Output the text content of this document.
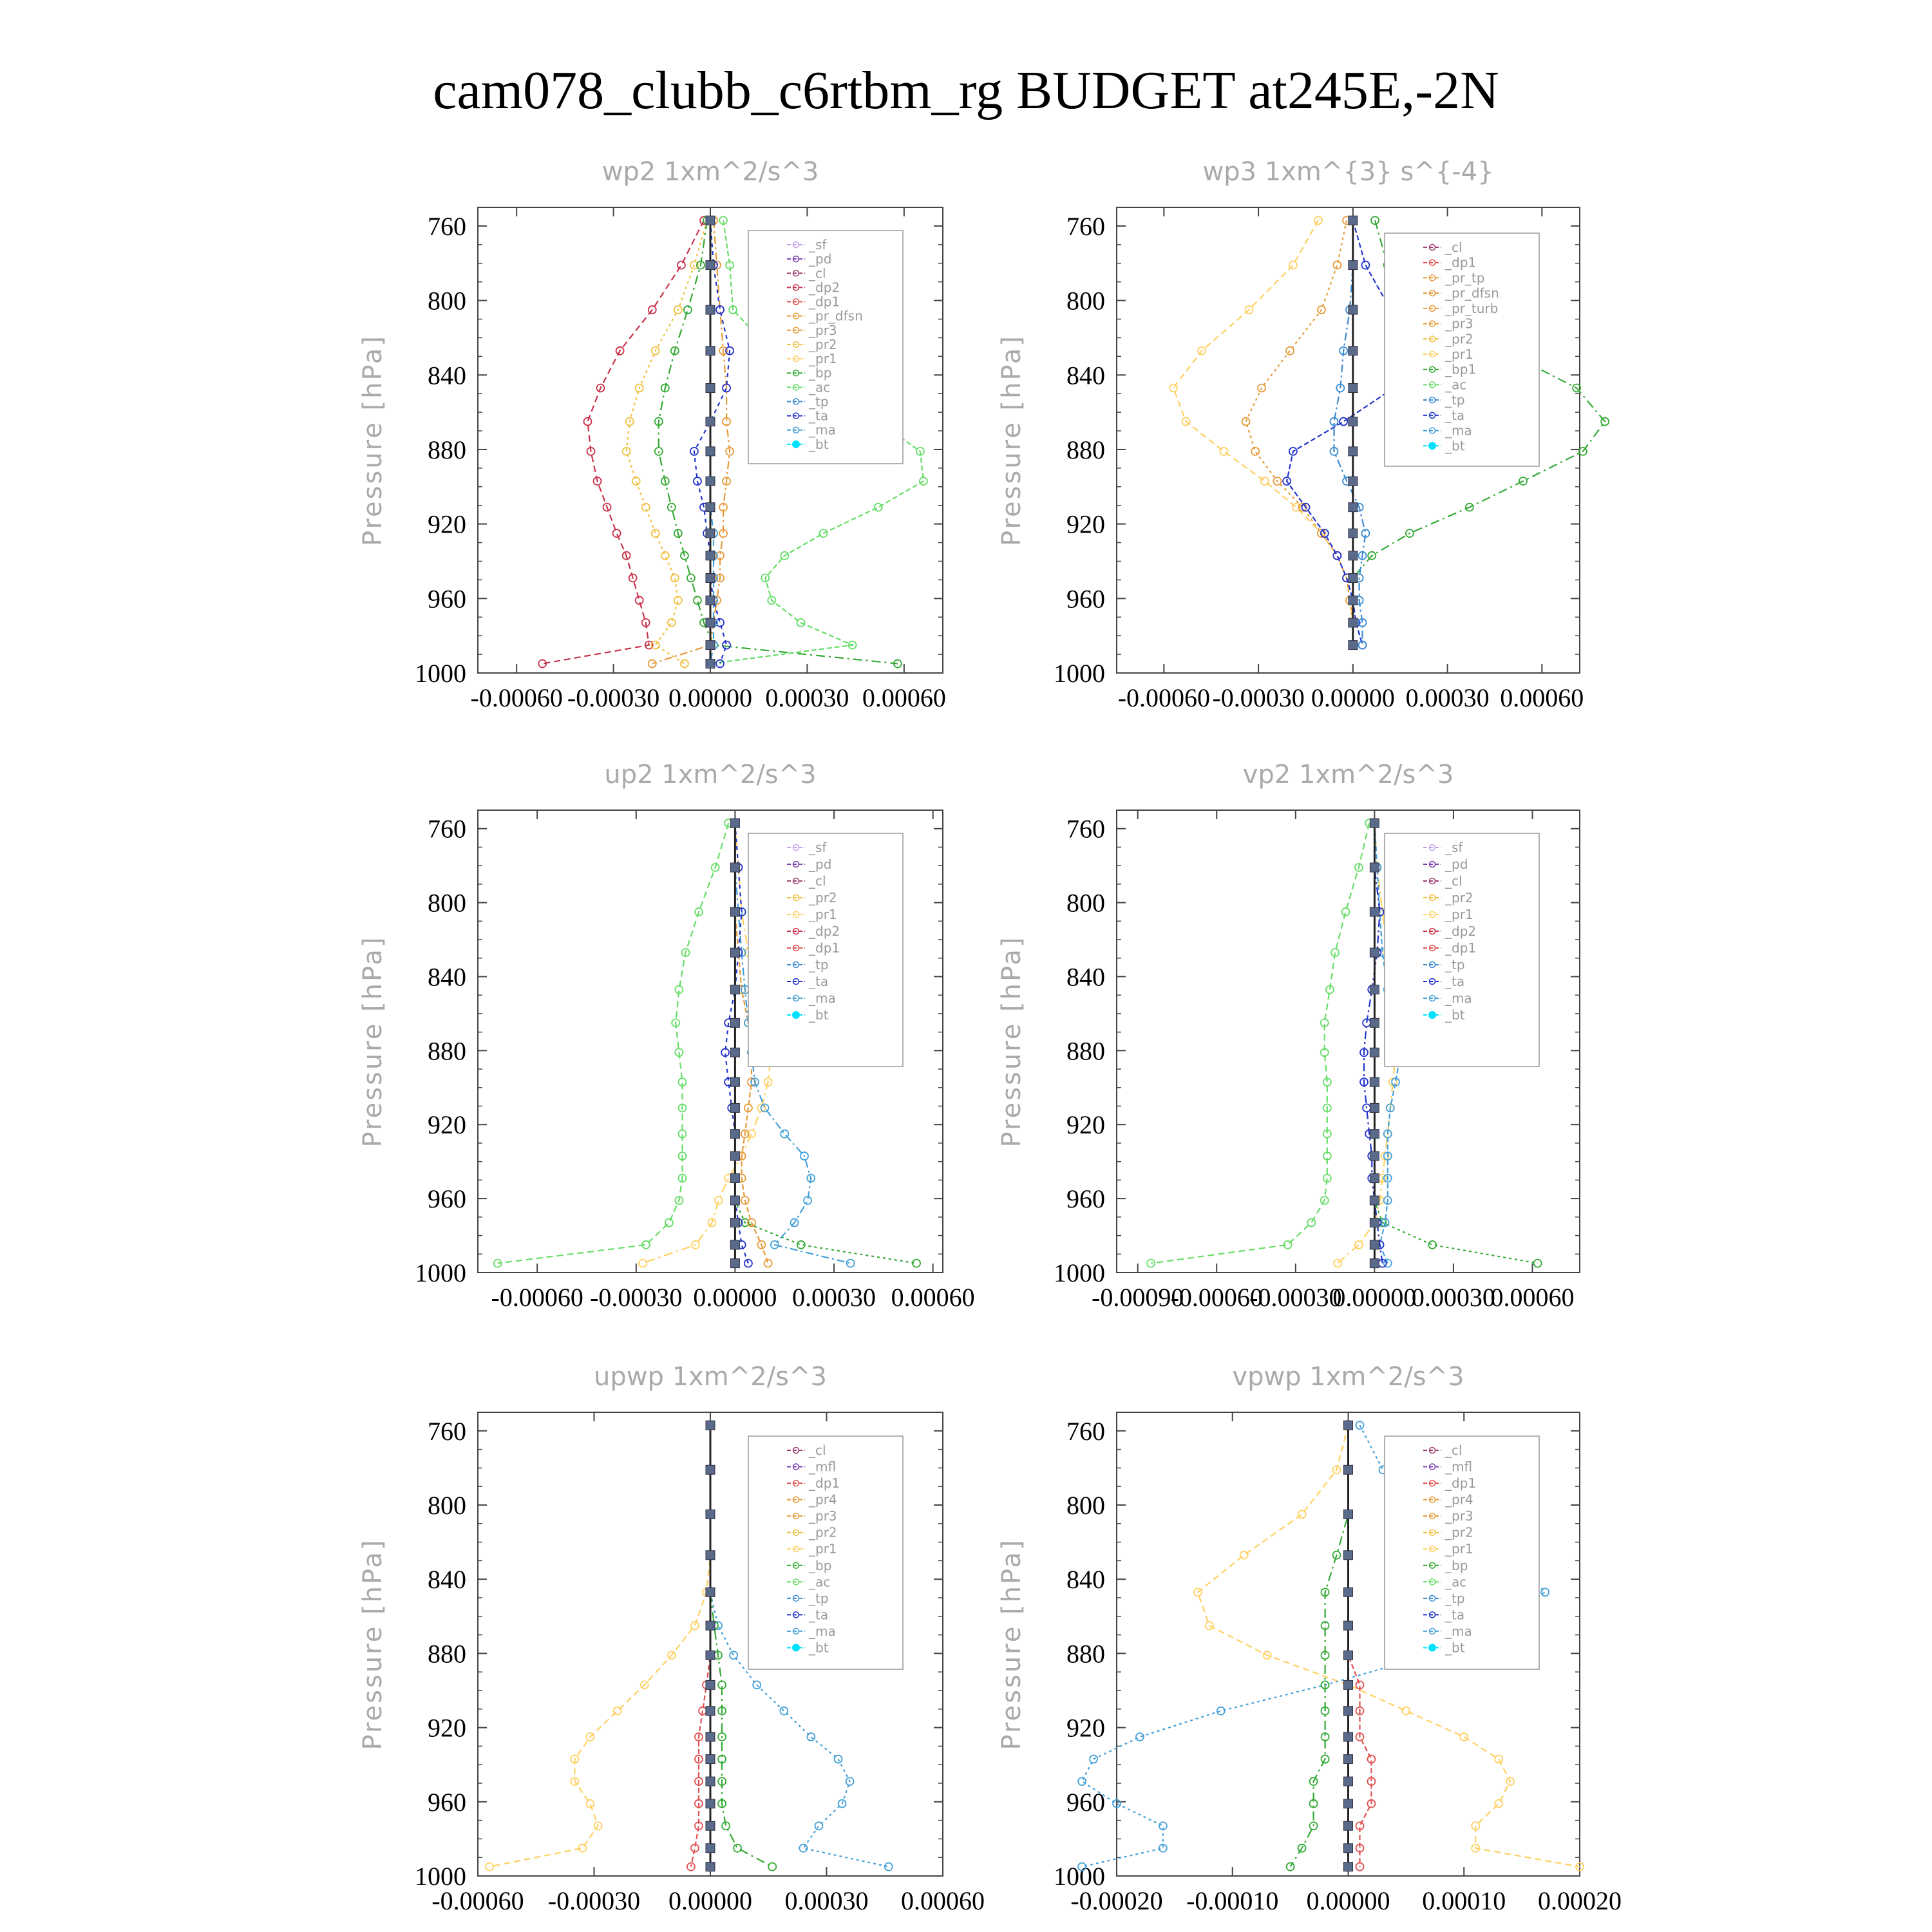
cam078_clubb_c6rtbm_rg BUDGET at245E,-2N
wp2 1xm^2/s^3
Pressure [hPa]
760
800
840
880
920
960
1000
-0.00060 -0.00030 0.00000 0.00030 0.00060
_sf
_pd
_cl
_dp2
_dp1
_pr_dfsn
_pr3
_pr2
_pr1
_bp
_ac
_tp
_ta
_ma
_bt
wp3 1xm^{3} s^{-4}
Pressure [hPa]
760
800
840
880
920
960
1000
-0.00060 -0.00030 0.00000 0.00030 0.00060
_cl
_dp1
_pr_tp
_pr_dfsn
_pr_turb
_pr3
_pr2
_pr1
_bp1
_ac
_tp
_ta
_ma
_bt
up2 1xm^2/s^3
Pressure [hPa]
760
800
840
880
920
960
1000
-0.00060 -0.00030 0.00000 0.00030 0.00060
_sf
_pd
_cl
_pr2
_pr1
_dp2
_dp1
_tp
_ta
_ma
_bt
vp2 1xm^2/s^3
Pressure [hPa]
760
800
840
880
920
960
1000
-0.00090
-0.00060
-0.00030
0.00000
0.00030
0.00060
_sf
_pd
_cl
_pr2
_pr1
_dp2
_dp1
_tp
_ta
_ma
_bt
upwp 1xm^2/s^3
Pressure [hPa]
760
800
840
880
920
960
1000
-0.00060 -0.00030 0.00000 0.00030 0.00060
_cl
_mfl
_dp1
_pr4
_pr3
_pr2
_pr1
_bp
_ac
_tp
_ta
_ma
_bt
vpwp 1xm^2/s^3
Pressure [hPa]
760
800
840
880
920
960
1000
-0.00020 -0.00010 0.00000 0.00010 0.00020
_cl
_mfl
_dp1
_pr4
_pr3
_pr2
_pr1
_bp
_ac
_tp
_ta
_ma
_bt
